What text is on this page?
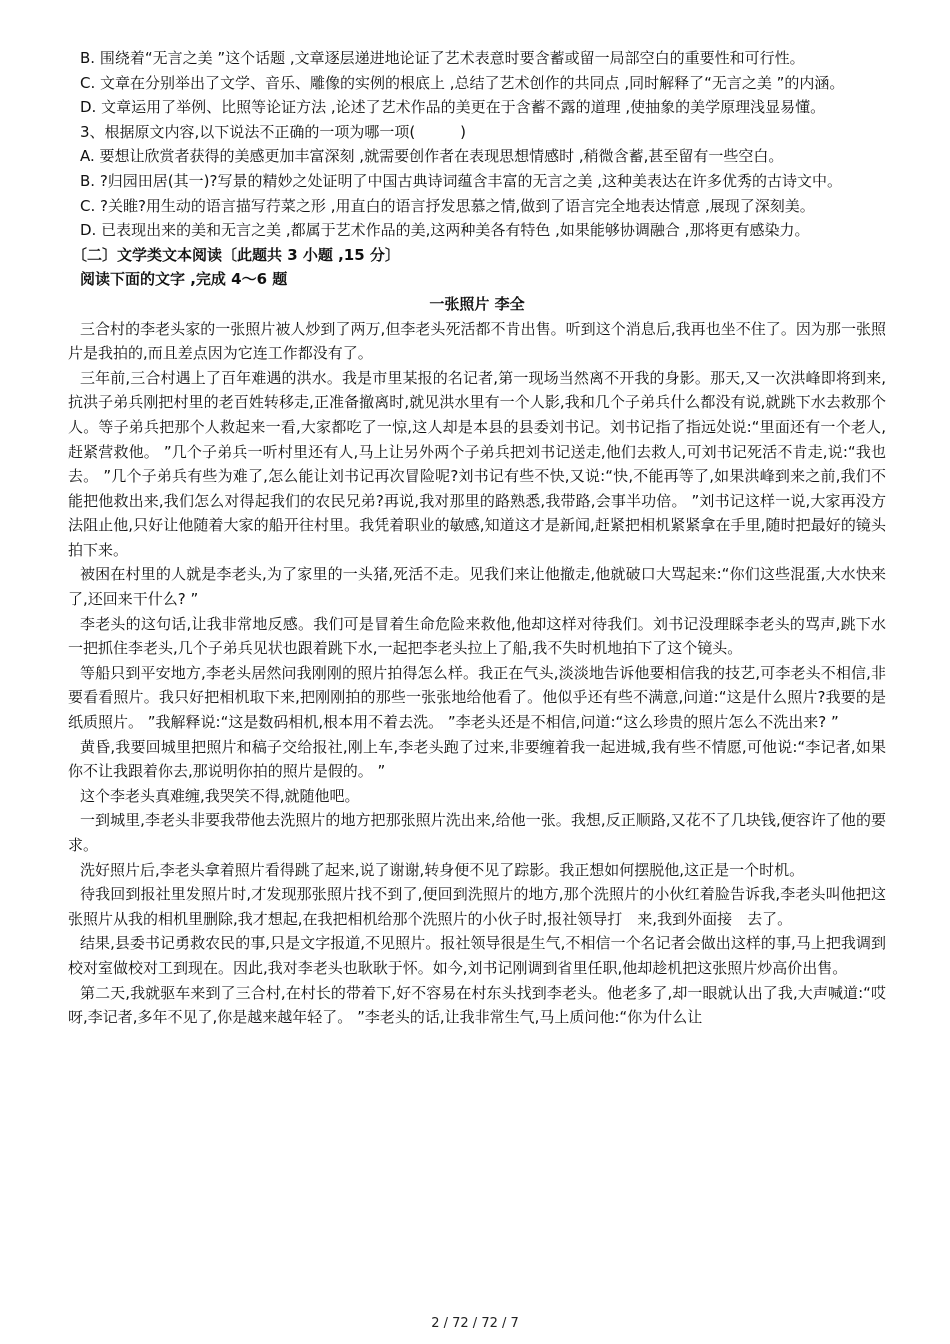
B. 围绕着“无言之美 ”这个话题 ,文章逐层递进地论证了艺术表意时要含蓄或留一局部空白的重要性和可行性。

C. 文章在分别举出了文学、音乐、雕像的实例的根底上 ,总结了艺术创作的共同点 ,同时解释了“无言之美 ”的内涵。

D. 文章运用了举例、比照等论证方法 ,论述了艺术作品的美更在于含蓄不露的道理 ,使抽象的美学原理浅显易懂。

3、根据原文内容,以下说法不正确的一项为哪一项(　　　)

A. 要想让欣赏者获得的美感更加丰富深刻 ,就需要创作者在表现思想情感时 ,稍微含蓄,甚至留有一些空白。

B. ?归园田居(其一)?写景的精妙之处证明了中国古典诗词蕴含丰富的无言之美 ,这种美表达在许多优秀的古诗文中。

C. ?关睢?用生动的语言描写荇菜之形 ,用直白的语言抒发思慕之情,做到了语言完全地表达情意 ,展现了深刻美。

D. 已表现出来的美和无言之美 ,都属于艺术作品的美,这两种美各有特色 ,如果能够协调融合 ,那将更有感染力。

〔二〕文学类文本阅读〔此题共 3 小题 ,15 分〕

阅读下面的文字 ,完成 4～6 题

一张照片 李全

三合村的李老头家的一张照片被人炒到了两万,但李老头死活都不肯出售。听到这个消息后,我再也坐不住了。因为那一张照片是我拍的,而且差点因为它连工作都没有了。

三年前,三合村遇上了百年难遇的洪水。我是市里某报的名记者,第一现场当然离不开我的身影。那天,又一次洪峰即将到来,抗洪子弟兵刚把村里的老百姓转移走,正准备撤离时,就见洪水里有一个人影,我和几个子弟兵什么都没有说,就跳下水去救那个人。等子弟兵把那个人救起来一看,大家都吃了一惊,这人却是本县的县委刘书记。刘书记指了指远处说:“里面还有一个老人,赶紧营救他。 ”几个子弟兵一听村里还有人,马上让另外两个子弟兵把刘书记送走,他们去救人,可刘书记死活不肯走,说:“我也去。 ”几个子弟兵有些为难了,怎么能让刘书记再次冒险呢?刘书记有些不快,又说:“快,不能再等了,如果洪峰到来之前,我们不能把他救出来,我们怎么对得起我们的农民兄弟?再说,我对那里的路熟悉,我带路,会事半功倍。 ”刘书记这样一说,大家再没方法阻止他,只好让他随着大家的船开往村里。我凭着职业的敏感,知道这才是新闻,赶紧把相机紧紧拿在手里,随时把最好的镜头拍下来。

被困在村里的人就是李老头,为了家里的一头猪,死活不走。见我们来让他撤走,他就破口大骂起来:“你们这些混蛋,大水快来了,还回来干什么? ”

李老头的这句话,让我非常地反感。我们可是冒着生命危险来救他,他却这样对待我们。刘书记没理睬李老头的骂声,跳下水一把抓住李老头,几个子弟兵见状也跟着跳下水,一起把李老头拉上了船,我不失时机地拍下了这个镜头。

等船只到平安地方,李老头居然问我刚刚的照片拍得怎么样。我正在气头,淡淡地告诉他要相信我的技艺,可李老头不相信,非要看看照片。我只好把相机取下来,把刚刚拍的那些一张张地给他看了。他似乎还有些不满意,问道:“这是什么照片?我要的是纸质照片。 ”我解释说:“这是数码相机,根本用不着去洗。 ”李老头还是不相信,问道:“这么珍贵的照片怎么不洗出来? ”

黄昏,我要回城里把照片和稿子交给报社,刚上车,李老头跑了过来,非要缠着我一起进城,我有些不情愿,可他说:“李记者,如果你不让我跟着你去,那说明你拍的照片是假的。 ”

这个李老头真难缠,我哭笑不得,就随他吧。

一到城里,李老头非要我带他去洗照片的地方把那张照片洗出来,给他一张。我想,反正顺路,又花不了几块钱,便容许了他的要求。

洗好照片后,李老头拿着照片看得跳了起来,说了谢谢,转身便不见了踪影。我正想如何摆脱他,这正是一个时机。

待我回到报社里发照片时,才发现那张照片找不到了,便回到洗照片的地方,那个洗照片的小伙红着脸告诉我,李老头叫他把这张照片从我的相机里删除,我才想起,在我把相机给那个洗照片的小伙子时,报社领导打　来,我到外面接　去了。

结果,县委书记勇救农民的事,只是文字报道,不见照片。报社领导很是生气,不相信一个名记者会做出这样的事,马上把我调到校对室做校对工到现在。因此,我对李老头也耿耿于怀。如今,刘书记刚调到省里任职,他却趁机把这张照片炒高价出售。

第二天,我就驱车来到了三合村,在村长的带着下,好不容易在村东头找到李老头。他老多了,却一眼就认出了我,大声喊道:“哎呀,李记者,多年不见了,你是越来越年轻了。 ”李老头的话,让我非常生气,马上质问他:“你为什么让

2 / 72 / 72 / 7
